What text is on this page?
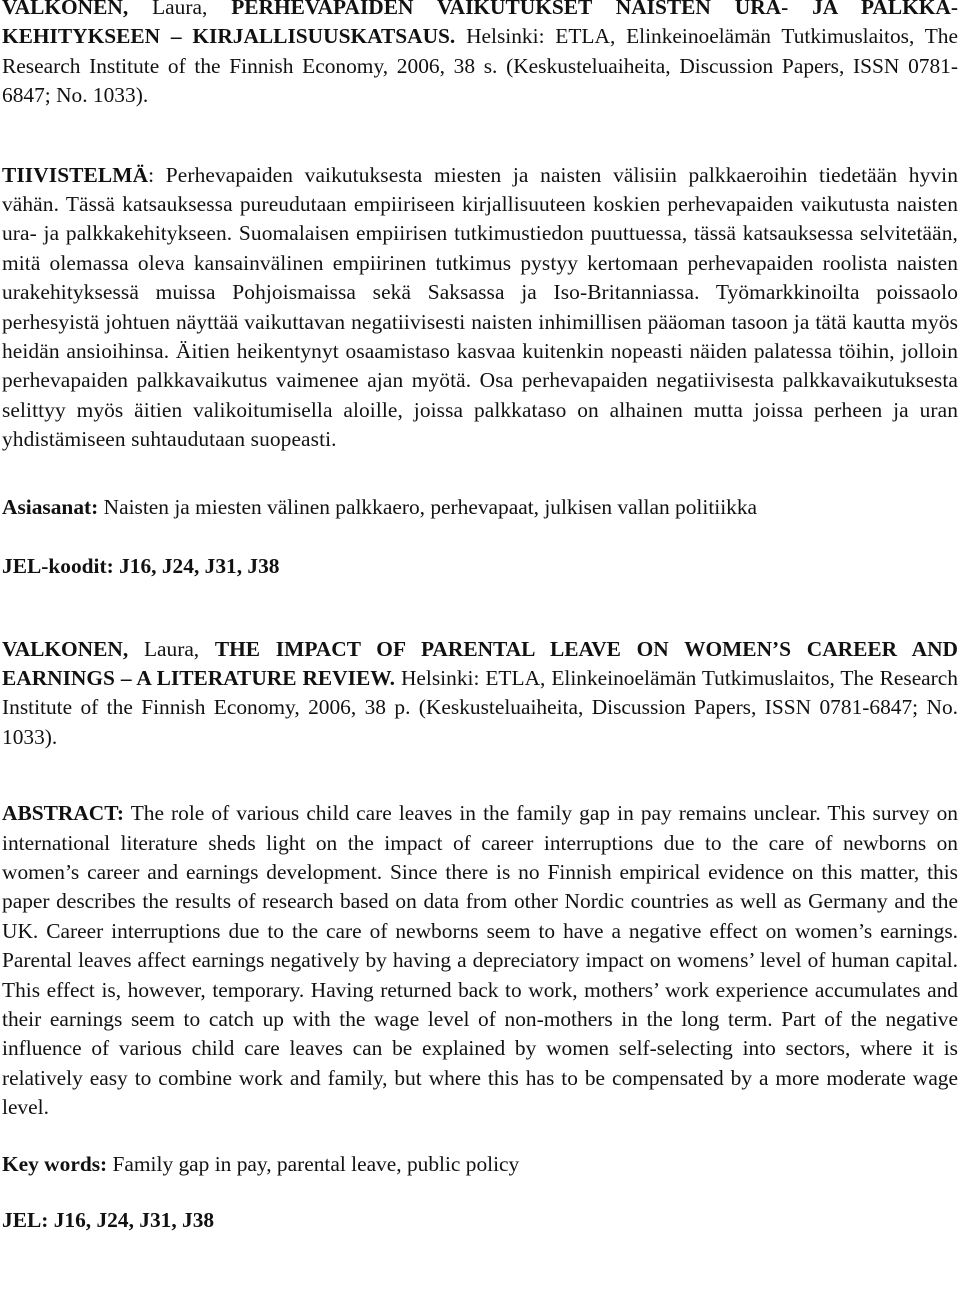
VALKONEN, Laura, PERHEVAPAIDEN VAIKUTUKSET NAISTEN URA- JA PALKKAKEHITYKSEEN – KIRJALLISUUSKATSAUS. Helsinki: ETLA, Elinkeinoelämän Tutkimuslaitos, The Research Institute of the Finnish Economy, 2006, 38 s. (Keskusteluaiheita, Discussion Papers, ISSN 0781-6847; No. 1033).

TIIVISTELMÄ: Perhevapaiden vaikutuksesta miesten ja naisten välisiin palkkaeroihin tiedetään hyvin vähän. Tässä katsauksessa pureudutaan empiiriseen kirjallisuuteen koskien perhevapaiden vaikutusta naisten ura- ja palkkakehitykseen. Suomalaisen empiirisen tutkimustiedon puuttuessa, tässä katsauksessa selvitetään, mitä olemassa oleva kansainvälinen empiirinen tutkimus pystyy kertomaan perhevapaiden roolista naisten urakehityksessä muissa Pohjoismaissa sekä Saksassa ja Iso-Britanniassa. Työmarkkinoilta poissaolo perhesyistä johtuen näyttää vaikuttavan negatiivisesti naisten inhimillisen pääoman tasoon ja tätä kautta myös heidän ansioihinsa. Äitien heikentynyt osaamistaso kasvaa kuitenkin nopeasti näiden palatessa töihin, jolloin perhevapaiden palkkavaikutus vaimenee ajan myötä. Osa perhevapaiden negatiivisesta palkkavaikutuksesta selittyy myös äitien valikoitumisella aloille, joissa palkkataso on alhainen mutta joissa perheen ja uran yhdistämiseen suhtaudutaan suopeasti.

Asiasanat: Naisten ja miesten välinen palkkaero, perhevapaat, julkisen vallan politiikka

JEL-koodit: J16, J24, J31, J38

VALKONEN, Laura, THE IMPACT OF PARENTAL LEAVE ON WOMEN’S CAREER AND EARNINGS – A LITERATURE REVIEW. Helsinki: ETLA, Elinkeinoelämän Tutkimuslaitos, The Research Institute of the Finnish Economy, 2006, 38 p. (Keskusteluaiheita, Discussion Papers, ISSN 0781-6847; No. 1033).

ABSTRACT: The role of various child care leaves in the family gap in pay remains unclear. This survey on international literature sheds light on the impact of career interruptions due to the care of newborns on women’s career and earnings development. Since there is no Finnish empirical evidence on this matter, this paper describes the results of research based on data from other Nordic countries as well as Germany and the UK. Career interruptions due to the care of newborns seem to have a negative effect on women’s earnings. Parental leaves affect earnings negatively by having a depreciatory impact on womens’ level of human capital. This effect is, however, temporary. Having returned back to work, mothers’ work experience accumulates and their earnings seem to catch up with the wage level of non-mothers in the long term. Part of the negative influence of various child care leaves can be explained by women self-selecting into sectors, where it is relatively easy to combine work and family, but where this has to be compensated by a more moderate wage level.

Key words: Family gap in pay, parental leave, public policy

JEL: J16, J24, J31, J38
